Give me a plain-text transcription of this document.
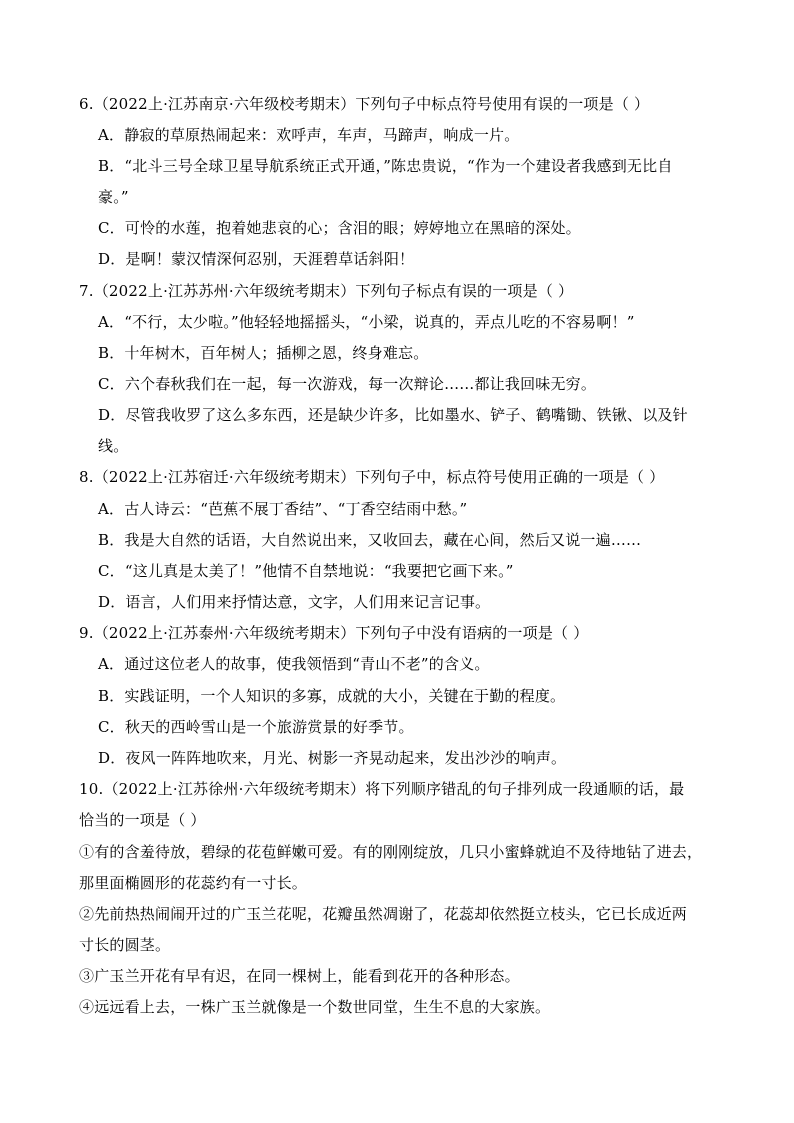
6.（2022上·江苏南京·六年级校考期末）下列句子中标点符号使用有误的一项是（ ）
A．静寂的草原热闹起来：欢呼声，车声，马蹄声，响成一片。
B．“北斗三号全球卫星导航系统正式开通，”陈忠贵说，“作为一个建设者我感到无比自
豪。”
C．可怜的水莲，抱着她悲哀的心；含泪的眼；婷婷地立在黑暗的深处。
D．是啊！蒙汉情深何忍别，天涯碧草话斜阳！
7.（2022上·江苏苏州·六年级统考期末）下列句子标点有误的一项是（ ）
A．“不行，太少啦。”他轻轻地摇摇头，“小梁，说真的，弄点儿吃的不容易啊！”
B．十年树木，百年树人；插柳之恩，终身难忘。
C．六个春秋我们在一起，每一次游戏，每一次辩论……都让我回味无穷。
D．尽管我收罗了这么多东西，还是缺少许多，比如墨水、铲子、鹤嘴锄、铁锹、以及针
线。
8.（2022上·江苏宿迁·六年级统考期末）下列句子中，标点符号使用正确的一项是（ ）
A．古人诗云：“芭蕉不展丁香结”、“丁香空结雨中愁。”
B．我是大自然的话语，大自然说出来，又收回去，藏在心间，然后又说一遍……
C．“这儿真是太美了！”他情不自禁地说：“我要把它画下来。”
D．语言，人们用来抒情达意，文字，人们用来记言记事。
9.（2022上·江苏泰州·六年级统考期末）下列句子中没有语病的一项是（ ）
A．通过这位老人的故事，使我领悟到“青山不老”的含义。
B．实践证明，一个人知识的多寡，成就的大小，关键在于勤的程度。
C．秋天的西岭雪山是一个旅游赏景的好季节。
D．夜风一阵阵地吹来，月光、树影一齐晃动起来，发出沙沙的响声。
10.（2022上·江苏徐州·六年级统考期末）将下列顺序错乱的句子排列成一段通顺的话，最
恰当的一项是（ ）
①有的含羞待放，碧绿的花苞鲜嫩可爱。有的刚刚绽放，几只小蜜蜂就迫不及待地钻了进去，
那里面椭圆形的花蕊约有一寸长。
②先前热热闹闹开过的广玉兰花呢，花瓣虽然凋谢了，花蕊却依然挺立枝头，它已长成近两
寸长的圆茎。
③广玉兰开花有早有迟，在同一棵树上，能看到花开的各种形态。
④远远看上去，一株广玉兰就像是一个数世同堂，生生不息的大家族。
